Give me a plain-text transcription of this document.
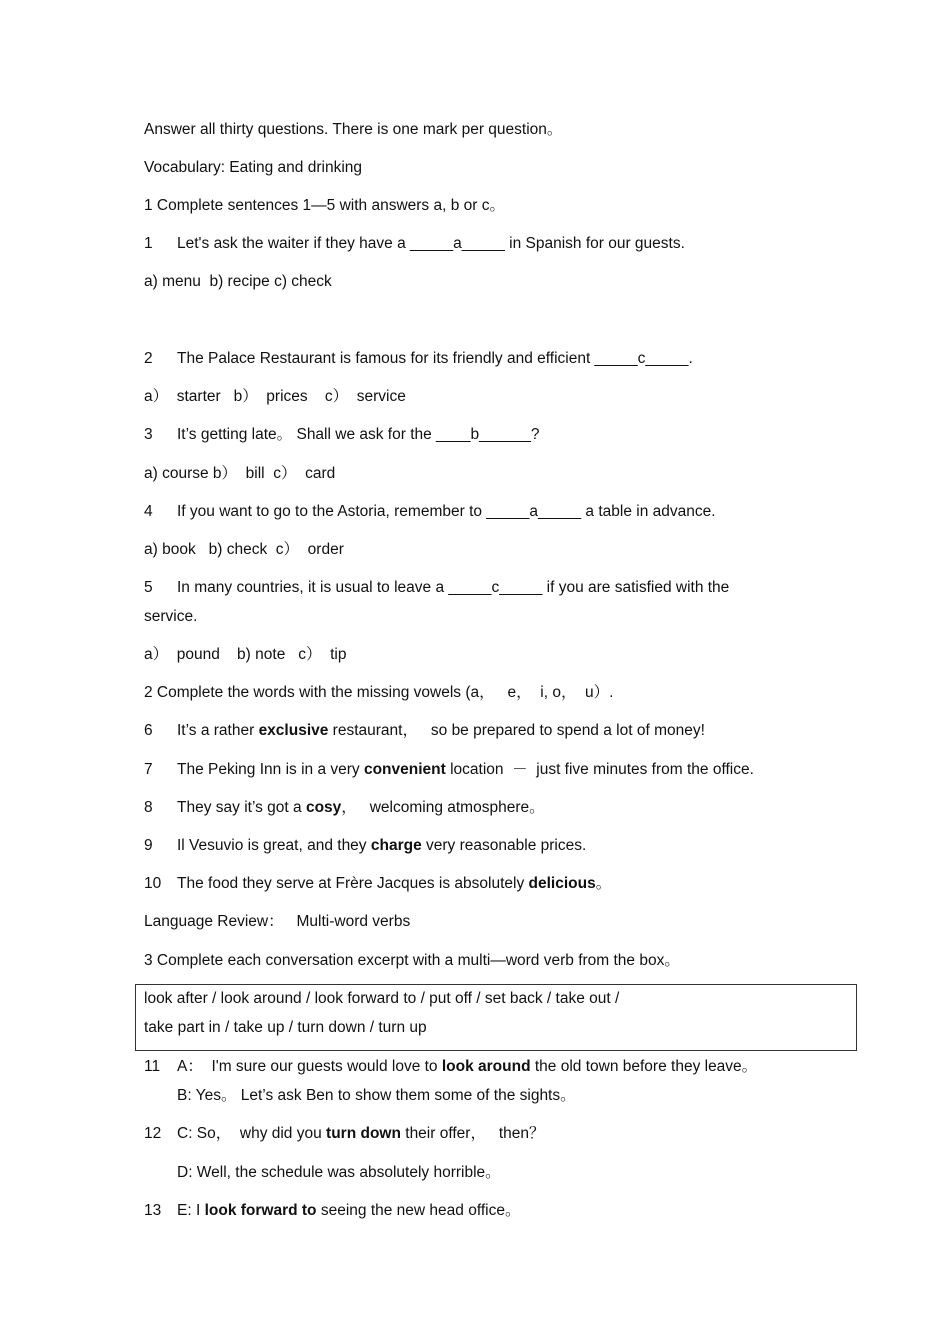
Answer all thirty questions. There is one mark per question。
Vocabulary: Eating and drinking
1 Complete sentences 1—5 with answers a, b or c。
1 Let's ask the waiter if they have a _____a_____ in Spanish for our guests.
a) menu  b) recipe c) check
2 The Palace Restaurant is famous for its friendly and efficient _____c_____.
a）  starter   b）  prices    c）  service
3 It’s getting late。 Shall we ask for the ____b______?
a) course b）  bill  c）  card
4 If you want to go to the Astoria, remember to _____a_____ a table in advance.
a) book   b) check  c）  order
5 In many countries, it is usual to leave a _____c_____ if you are satisfied with the
service.
a）  pound    b) note   c）  tip
2 Complete the words with the missing vowels (a，   e，  i, o，  u）.
6 It’s a rather exclusive restaurant，   so be prepared to spend a lot of money!
7 The Peking Inn is in a very convenient location  －  just five minutes from the office.
8 They say it’s got a cosy，   welcoming atmosphere。
9 Il Vesuvio is great, and they charge very reasonable prices.
10 The food they serve at Frère Jacques is absolutely delicious。
Language Review：   Multi-word verbs
3 Complete each conversation excerpt with a multi—word verb from the box。
look after / look around / look forward to / put off / set back / take out /
take part in / take up / turn down / turn up
11 A：  I'm sure our guests would love to look around the old town before they leave。
B: Yes。 Let’s ask Ben to show them some of the sights。
12 C: So，  why did you turn down their offer，   then？
D: Well, the schedule was absolutely horrible。
13 E: I look forward to seeing the new head office。
